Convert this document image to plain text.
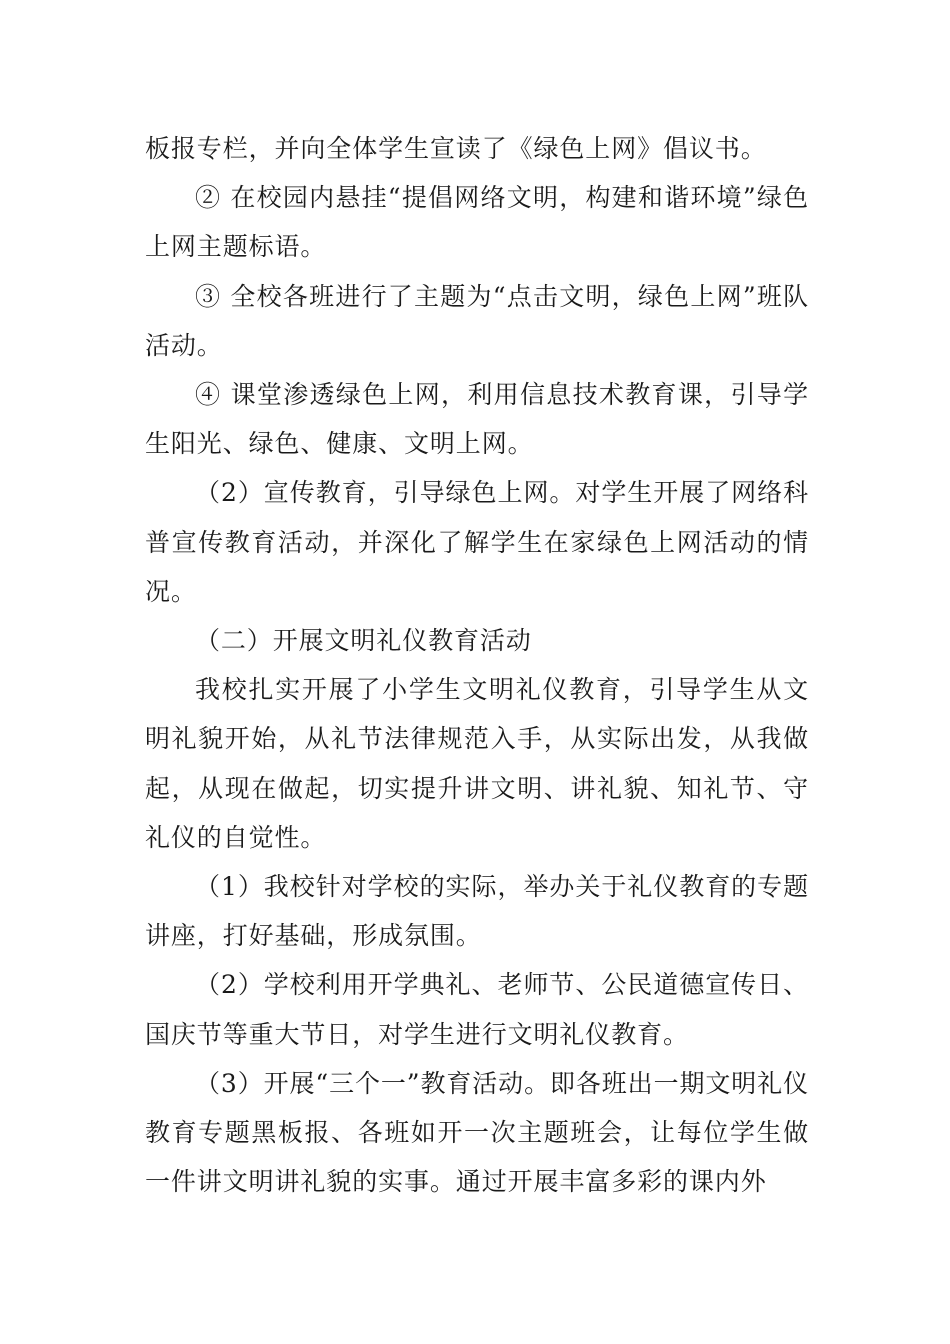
板报专栏，并向全体学生宣读了《绿色上网》倡议书。

② 在校园内悬挂“提倡网络文明，构建和谐环境”绿色上网主题标语。

③ 全校各班进行了主题为“点击文明，绿色上网”班队活动。

④ 课堂渗透绿色上网，利用信息技术教育课，引导学生阳光、绿色、健康、文明上网。

（2）宣传教育，引导绿色上网。对学生开展了网络科普宣传教育活动，并深化了解学生在家绿色上网活动的情况。

（二）开展文明礼仪教育活动

我校扎实开展了小学生文明礼仪教育，引导学生从文明礼貌开始，从礼节法律规范入手，从实际出发，从我做起，从现在做起，切实提升讲文明、讲礼貌、知礼节、守礼仪的自觉性。

（1）我校针对学校的实际，举办关于礼仪教育的专题讲座，打好基础，形成氛围。

（2）学校利用开学典礼、老师节、公民道德宣传日、国庆节等重大节日，对学生进行文明礼仪教育。

（3）开展“三个一”教育活动。即各班出一期文明礼仪教育专题黑板报、各班如开一次主题班会，让每位学生做一件讲文明讲礼貌的实事。通过开展丰富多彩的课内外
